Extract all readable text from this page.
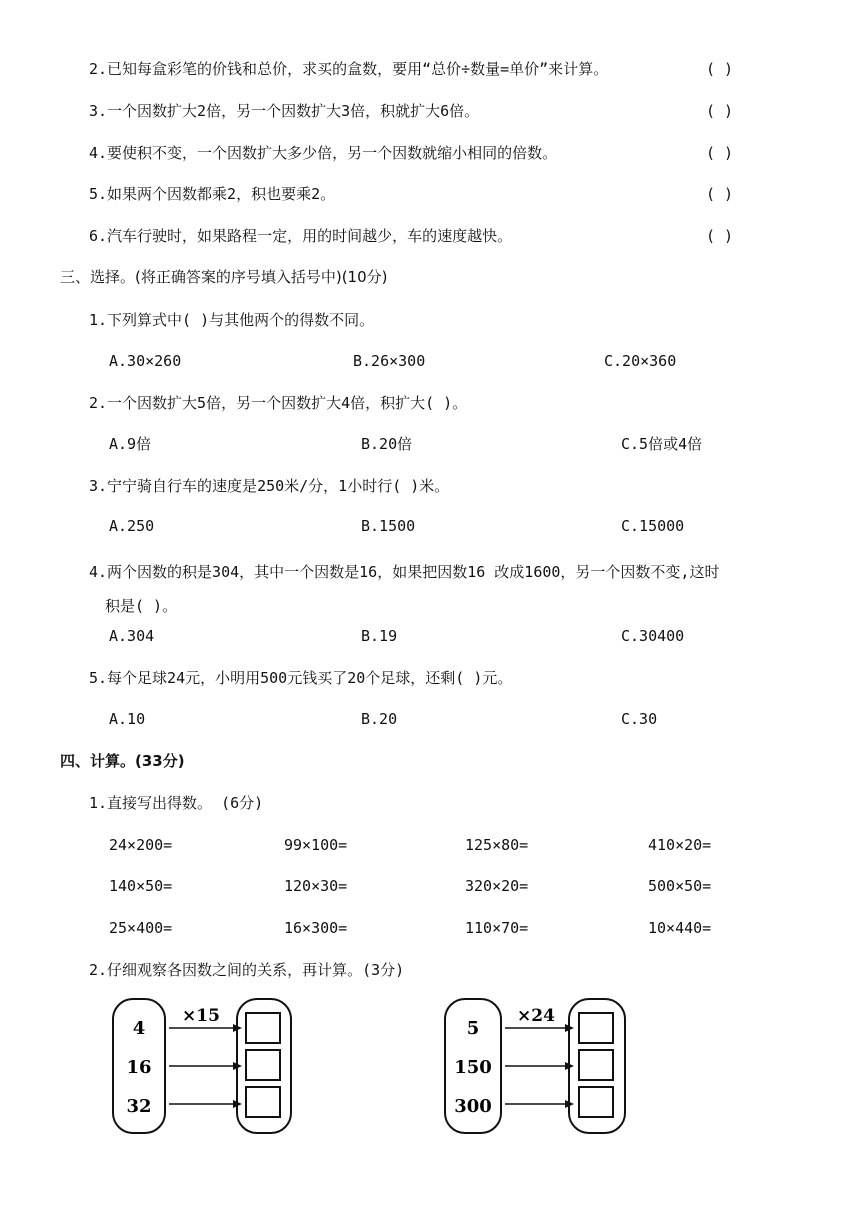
2.已知每盒彩笔的价钱和总价，求买的盒数，要用“总价÷数量=单价”来计算。	( )
3.一个因数扩大2倍，另一个因数扩大3倍，积就扩大6倍。	( )
4.要使积不变，一个因数扩大多少倍，另一个因数就缩小相同的倍数。	( )
5.如果两个因数都乘2，积也要乘2。	( )
6.汽车行驶时，如果路程一定，用的时间越少，车的速度越快。	( )
三、选择。(将正确答案的序号填入括号中)(10分)
1.下列算式中( )与其他两个的得数不同。
A.30×260	B.26×300	C.20×360
2.一个因数扩大5倍，另一个因数扩大4倍，积扩大( )。
A.9倍	B.20倍	C.5倍或4倍
3.宁宁骑自行车的速度是250米/分，1小时行( )米。
A.250	B.1500	C.15000
4.两个因数的积是304，其中一个因数是16，如果把因数16 改成1600，另一个因数不变,这时
积是( )。
A.304	B.19	C.30400
5.每个足球24元，小明用500元钱买了20个足球，还剩( )元。
A.10	B.20	C.30
四、计算。(33分)
1.直接写出得数。 (6分)
24×200=	99×100=	125×80=	410×20=
140×50=	120×30=	320×20=	500×50=
25×400=	16×300=	110×70=	10×440=
2.仔细观察各因数之间的关系，再计算。(3分)
4
16
32
×15
5
150
300
×24
